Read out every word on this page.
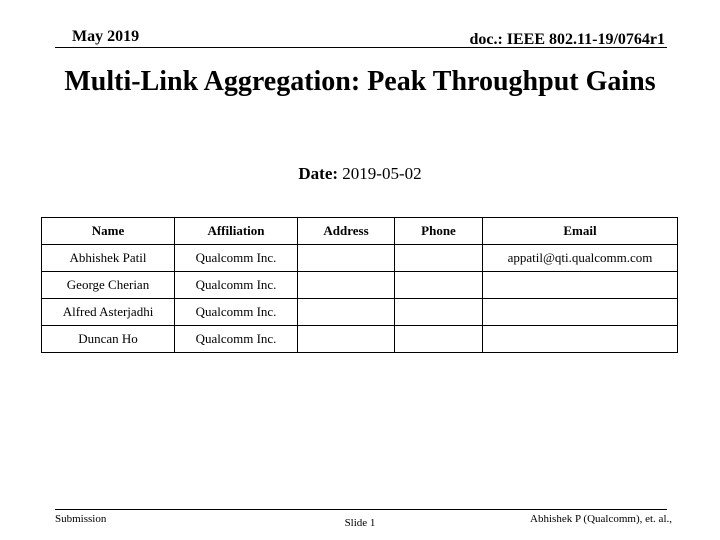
May 2019	doc.: IEEE 802.11-19/0764r1
Multi-Link Aggregation: Peak Throughput Gains
Date: 2019-05-02
Name	Affiliation	Address	Phone	Email
Abhishek Patil	Qualcomm Inc.			appatil@qti.qualcomm.com
George Cherian	Qualcomm Inc.			
Alfred Asterjadhi	Qualcomm Inc.			
Duncan Ho	Qualcomm Inc.			
Submission	Slide 1	Abhishek P (Qualcomm), et. al.,
